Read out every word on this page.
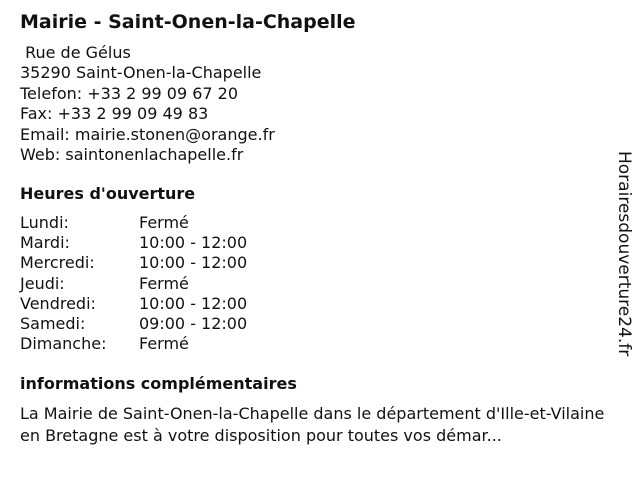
Mairie - Saint-Onen-la-Chapelle
Rue de Gélus
35290 Saint-Onen-la-Chapelle
Telefon: +33 2 99 09 67 20
Fax: +33 2 99 09 49 83
Email: mairie.stonen@orange.fr
Web: saintonenlachapelle.fr
Heures d'ouverture
Lundi:	Fermé
Mardi:	10:00 - 12:00
Mercredi:	10:00 - 12:00
Jeudi:	Fermé
Vendredi:	10:00 - 12:00
Samedi:	09:00 - 12:00
Dimanche:	Fermé
informations complémentaires
La Mairie de Saint-Onen-la-Chapelle dans le département d'Ille-et-Vilaine en Bretagne est à votre disposition pour toutes vos démar...
Horairesdouverture24.fr
